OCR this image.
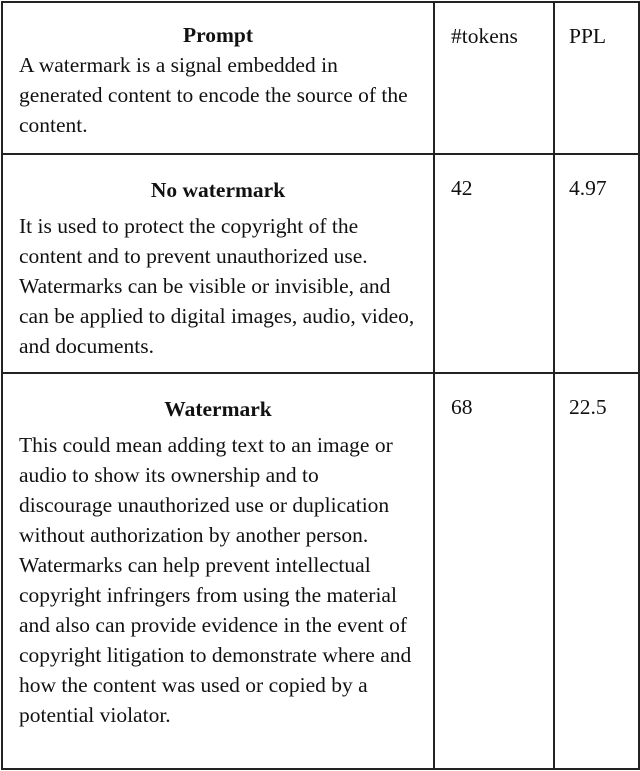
Prompt
A watermark is a signal embedded in generated content to encode the source of the content.	#tokens	PPL

No watermark
It is used to protect the copyright of the content and to prevent unauthorized use. Watermarks can be visible or invisible, and can be applied to digital images, audio, video, and documents.	42	4.97

Watermark
This could mean adding text to an image or audio to show its ownership and to discourage unauthorized use or duplication without authorization by another person. Watermarks can help prevent intellectual copyright infringers from using the material and also can provide evidence in the event of copyright litigation to demonstrate where and how the content was used or copied by a potential violator.	68	22.5
